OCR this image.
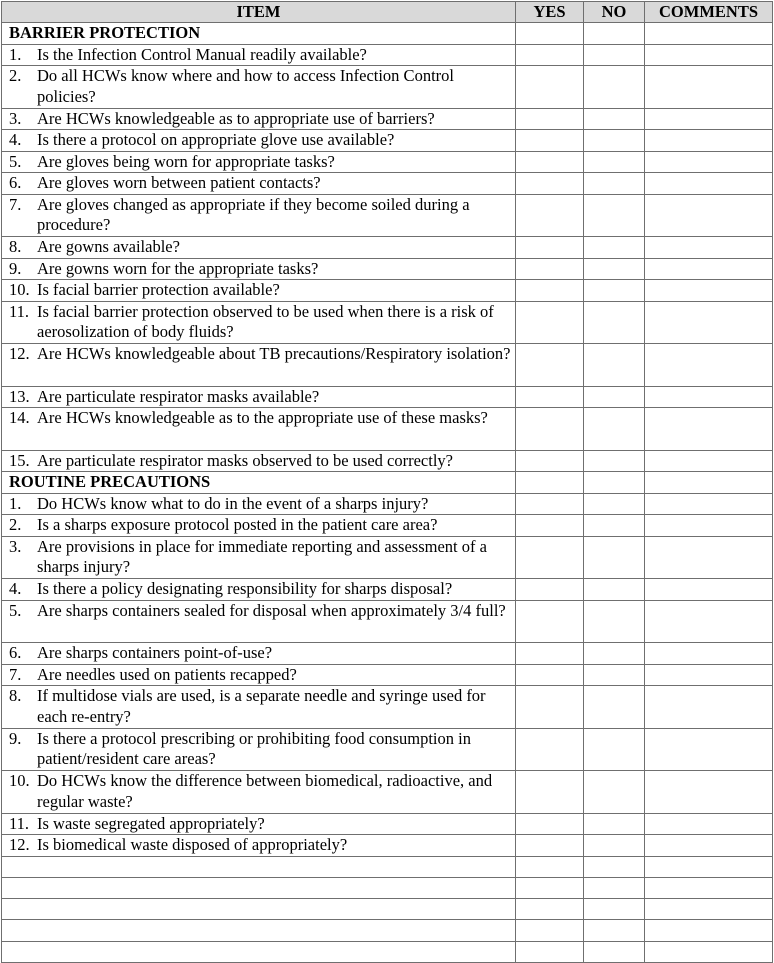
ITEM	YES	NO	COMMENTS
BARRIER PROTECTION			

1. Is the Infection Control Manual readily available?			

2. Do all HCWs know where and how to access Infection Control policies?			

3. Are HCWs knowledgeable as to appropriate use of barriers?			

4. Is there a protocol on appropriate glove use available?			

5. Are gloves being worn for appropriate tasks?			

6. Are gloves worn between patient contacts?			

7. Are gloves changed as appropriate if they become soiled during a procedure?			

8. Are gowns available?			

9. Are gowns worn for the appropriate tasks?			

10. Is facial barrier protection available?			

11. Is facial barrier protection observed to be used when there is a risk of aerosolization of body fluids?			

12. Are HCWs knowledgeable about TB precautions/Respiratory isolation?			

13. Are particulate respirator masks available?			

14. Are HCWs knowledgeable as to the appropriate use of these masks?			

15. Are particulate respirator masks observed to be used correctly?			

ROUTINE PRECAUTIONS			

1. Do HCWs know what to do in the event of a sharps injury?			

2. Is a sharps exposure protocol posted in the patient care area?			

3. Are provisions in place for immediate reporting and assessment of a sharps injury?			

4. Is there a policy designating responsibility for sharps disposal?			

5. Are sharps containers sealed for disposal when approximately 3/4 full?			

6. Are sharps containers point-of-use?			

7. Are needles used on patients recapped?			

8. If multidose vials are used, is a separate needle and syringe used for each re-entry?			

9. Is there a protocol prescribing or prohibiting food consumption in patient/resident care areas?			

10. Do HCWs know the difference between biomedical, radioactive, and regular waste?			

11. Is waste segregated appropriately?			

12. Is biomedical waste disposed of appropriately?			
